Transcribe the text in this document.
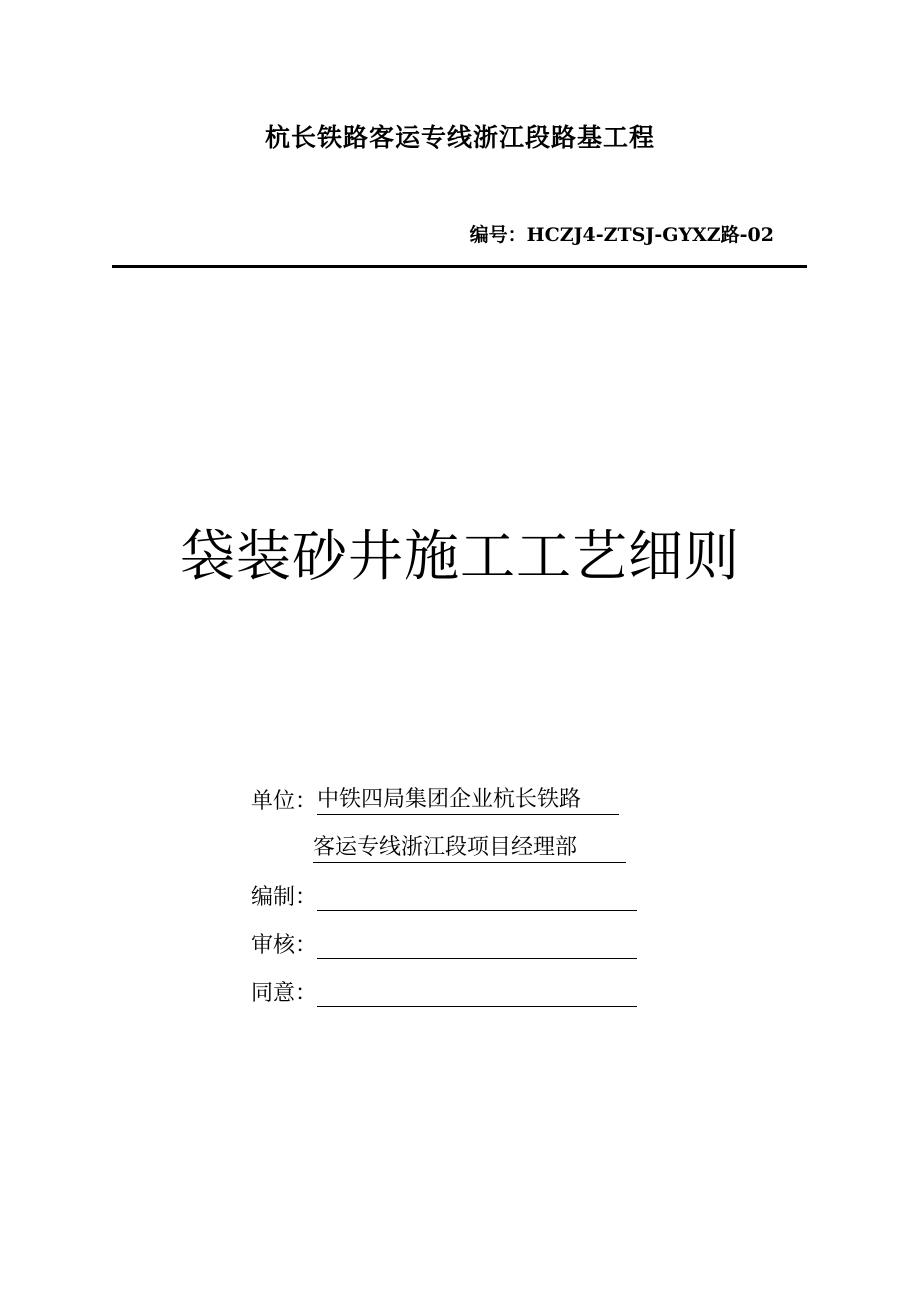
杭长铁路客运专线浙江段路基工程
编号：HCZJ4-ZTSJ-GYXZ路-02
袋装砂井施工工艺细则
单位：中铁四局集团企业杭长铁路
客运专线浙江段项目经理部
编制：
审核：
同意：
